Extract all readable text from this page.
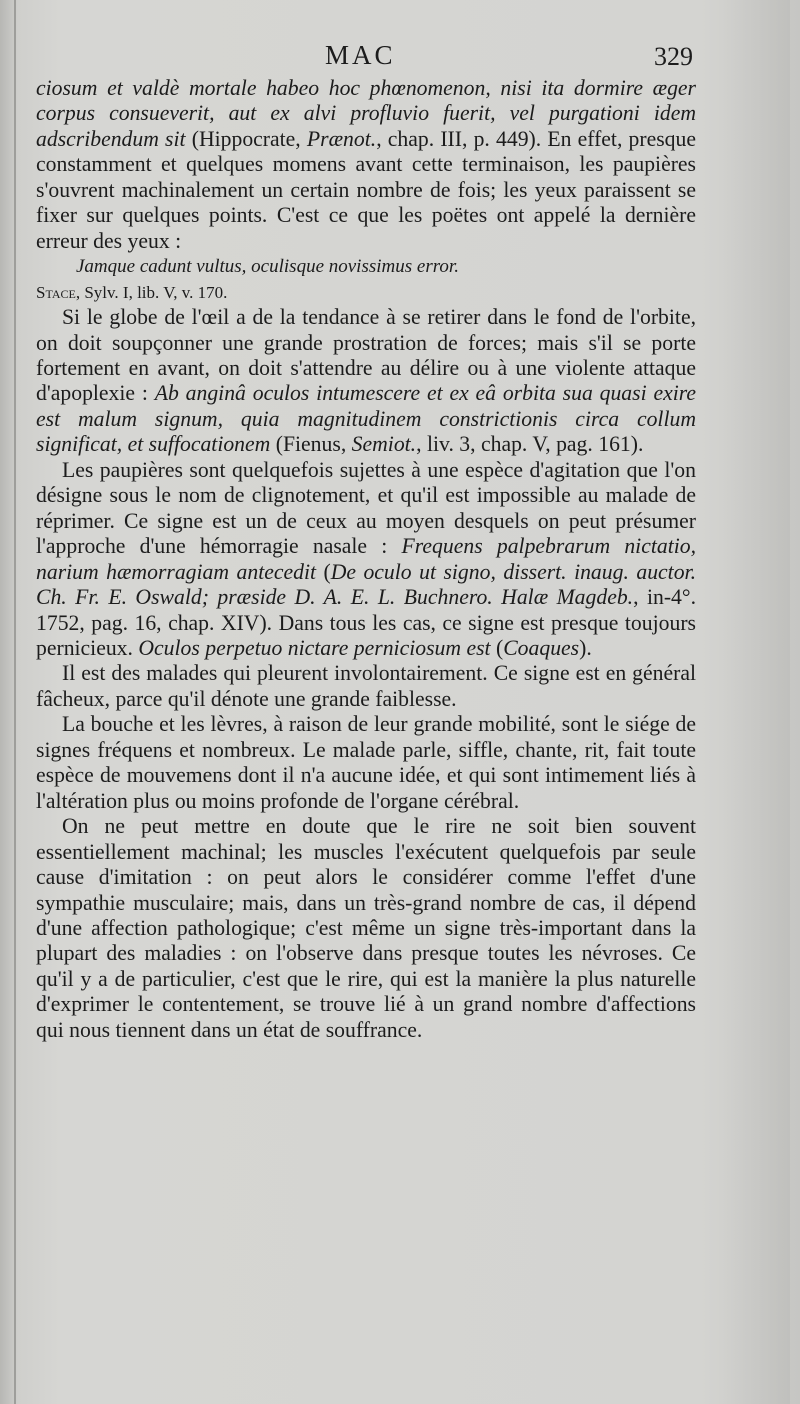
MAC	329

ciosum et valdè mortale habeo hoc phœnomenon, nisi ita dormire æger corpus consueverit, aut ex alvi profluvio fuerit, vel purgationi idem adscribendum sit (Hippocrate, Prænot., chap. III, p. 449). En effet, presque constamment et quelques momens avant cette terminaison, les paupières s'ouvrent machinalement un certain nombre de fois; les yeux paraissent se fixer sur quelques points. C'est ce que les poëtes ont appelé la dernière erreur des yeux :

Jamque cadunt vultus, oculisque novissimus error.

Stace, Sylv. I, lib. V, v. 170.

Si le globe de l'œil a de la tendance à se retirer dans le fond de l'orbite, on doit soupçonner une grande prostration de forces; mais s'il se porte fortement en avant, on doit s'attendre au délire ou à une violente attaque d'apoplexie : Ab anginâ oculos intumescere et ex eâ orbita sua quasi exire est malum signum, quia magnitudinem constrictionis circa collum significat, et suffocationem (Fienus, Semiot., liv. 3, chap. V, pag. 161).

Les paupières sont quelquefois sujettes à une espèce d'agitation que l'on désigne sous le nom de clignotement, et qu'il est impossible au malade de réprimer. Ce signe est un de ceux au moyen desquels on peut présumer l'approche d'une hémorragie nasale : Frequens palpebrarum nictatio, narium hæmorragiam antecedit (De oculo ut signo, dissert. inaug. auctor. Ch. Fr. E. Oswald; præside D. A. E. L. Buchnero. Halæ Magdeb., in-4°. 1752, pag. 16, chap. XIV). Dans tous les cas, ce signe est presque toujours pernicieux. Oculos perpetuo nictare perniciosum est (Coaques).

Il est des malades qui pleurent involontairement. Ce signe est en général fâcheux, parce qu'il dénote une grande faiblesse.

La bouche et les lèvres, à raison de leur grande mobilité, sont le siége de signes fréquens et nombreux. Le malade parle, siffle, chante, rit, fait toute espèce de mouvemens dont il n'a aucune idée, et qui sont intimement liés à l'altération plus ou moins profonde de l'organe cérébral.

On ne peut mettre en doute que le rire ne soit bien souvent essentiellement machinal; les muscles l'exécutent quelquefois par seule cause d'imitation : on peut alors le considérer comme l'effet d'une sympathie musculaire; mais, dans un très-grand nombre de cas, il dépend d'une affection pathologique; c'est même un signe très-important dans la plupart des maladies : on l'observe dans presque toutes les névroses. Ce qu'il y a de particulier, c'est que le rire, qui est la manière la plus naturelle d'exprimer le contentement, se trouve lié à un grand nombre d'affections qui nous tiennent dans un état de souffrance.
